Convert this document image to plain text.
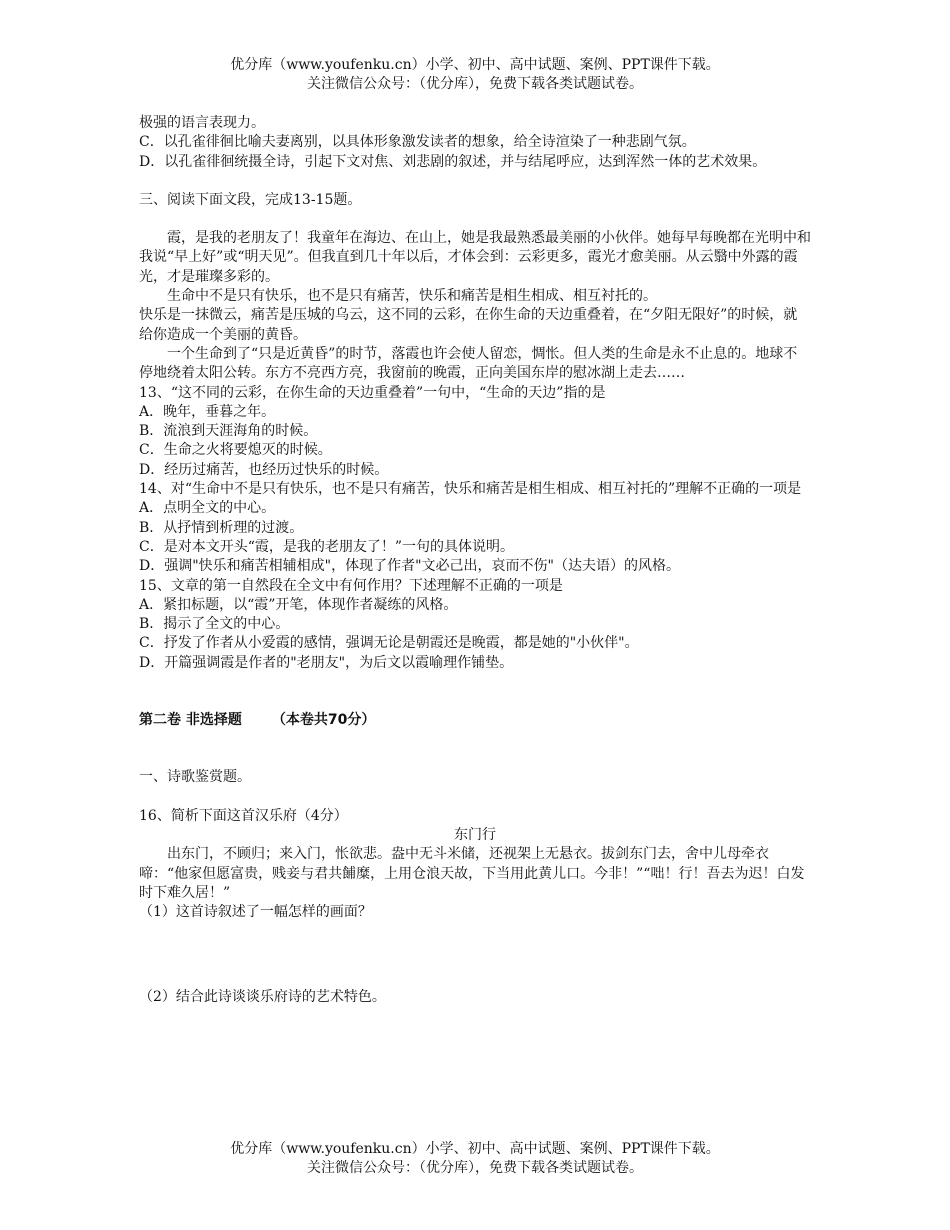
优分库（www.youfenku.cn）小学、初中、高中试题、案例、PPT课件下载。
关注微信公众号：（优分库），免费下载各类试题试卷。
极强的语言表现力。
C．以孔雀徘徊比喻夫妻离别，以具体形象激发读者的想象，给全诗渲染了一种悲剧气氛。
D．以孔雀徘徊统摄全诗，引起下文对焦、刘悲剧的叙述，并与结尾呼应，达到浑然一体的艺术效果。
三、阅读下面文段，完成13-15题。
霞，是我的老朋友了！我童年在海边、在山上，她是我最熟悉最美丽的小伙伴。她每早每晚都在光明中和我说“早上好”或“明天见”。但我直到几十年以后，才体会到：云彩更多，霞光才愈美丽。从云翳中外露的霞光，才是璀璨多彩的。
生命中不是只有快乐，也不是只有痛苦，快乐和痛苦是相生相成、相互衬托的。
快乐是一抹微云，痛苦是压城的乌云，这不同的云彩，在你生命的天边重叠着，在“夕阳无限好”的时候，就给你造成一个美丽的黄昏。
一个生命到了“只是近黄昏”的时节，落霞也许会使人留恋，惆怅。但人类的生命是永不止息的。地球不停地绕着太阳公转。东方不亮西方亮，我窗前的晚霞，正向美国东岸的慰冰湖上走去……
13、“这不同的云彩，在你生命的天边重叠着”一句中，“生命的天边”指的是
A．晚年，垂暮之年。
B．流浪到天涯海角的时候。
C．生命之火将要熄灭的时候。
D．经历过痛苦，也经历过快乐的时候。
14、对“生命中不是只有快乐，也不是只有痛苦，快乐和痛苦是相生相成、相互衬托的”理解不正确的一项是
A．点明全文的中心。
B．从抒情到析理的过渡。
C．是对本文开头“霞，是我的老朋友了！”一句的具体说明。
D．强调"快乐和痛苦相辅相成"，体现了作者"文必己出，哀而不伤"（达夫语）的风格。
15、文章的第一自然段在全文中有何作用？下述理解不正确的一项是
A．紧扣标题，以“霞”开笔，体现作者凝练的风格。
B．揭示了全文的中心。
C．抒发了作者从小爱霞的感情，强调无论是朝霞还是晚霞，都是她的"小伙伴"。
D．开篇强调霞是作者的"老朋友"，为后文以霞喻理作铺垫。
第二卷 非选择题 （本卷共70分）
一、诗歌鉴赏题。
16、简析下面这首汉乐府（4分）
东门行
出东门，不顾归；来入门，怅欲悲。盎中无斗米储，还视架上无悬衣。拔剑东门去，舍中儿母牵衣啼：“他家但愿富贵，贱妾与君共餔糜，上用仓浪天故，下当用此黄儿口。今非！”“咄！行！吾去为迟！白发时下难久居！”
（1）这首诗叙述了一幅怎样的画面？
（2）结合此诗谈谈乐府诗的艺术特色。
优分库（www.youfenku.cn）小学、初中、高中试题、案例、PPT课件下载。
关注微信公众号：（优分库），免费下载各类试题试卷。
